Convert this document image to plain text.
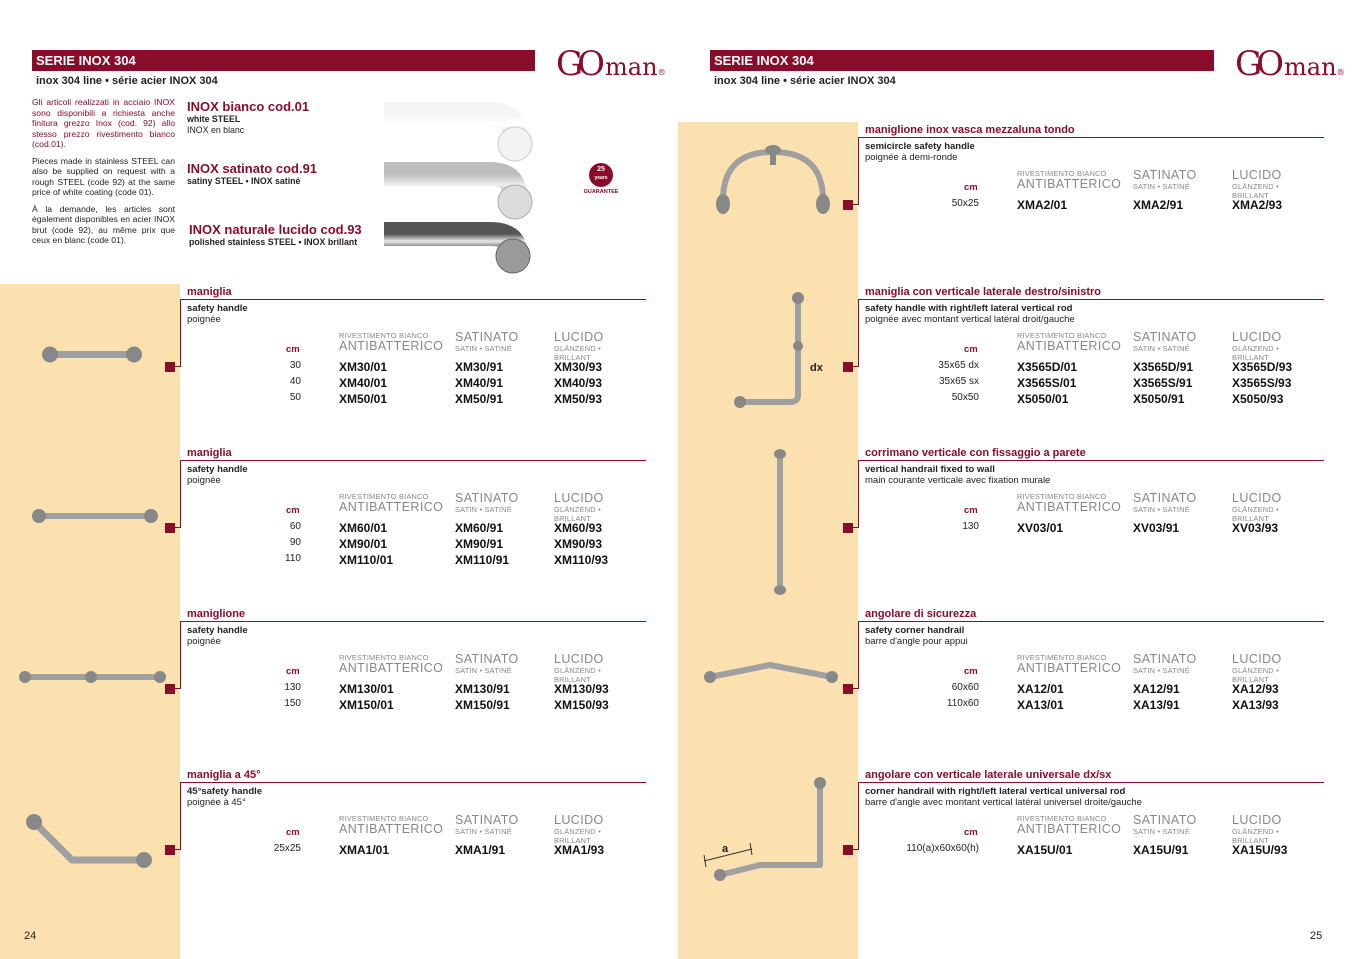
SERIE INOX 304
inox 304 line • série acier INOX 304	GOman®

Gli articoli realizzati in acciaio INOX sono disponibili a richiesta anche finitura grezzo Inox (cod. 92) allo stesso prezzo rivestimento bianco (cod.01).

Pieces made in stainless STEEL can also be supplied on request with a rough STEEL (code 92) at the same price of white coating (code 01).

À la demande, les articles sont également disponibles en acier INOX brut (code 92), au même prix que ceux en blanc (code 01).

INOX bianco cod.01
white STEEL
INOX en blanc
INOX satinato cod.91
satiny STEEL • INOX satiné
INOX naturale lucido cod.93
polished stainless STEEL • INOX brillant
25
years
GUARANTEE
SERIE INOX 304
inox 304 line • série acier INOX 304	GOman®
maniglia
safety handle
poignée
RIVESTIMENTO BIANCO
ANTIBATTERICO
SATINATO
SATIN • SATINÉ
LUCIDO
GLÄNZEND • BRILLANT
cm
30	XM30/01	XM30/91	XM30/93
40	XM40/01	XM40/91	XM40/93
50	XM50/01	XM50/91	XM50/93
maniglia
safety handle
poignée
RIVESTIMENTO BIANCO
ANTIBATTERICO
SATINATO
SATIN • SATINÉ
LUCIDO
GLÄNZEND • BRILLANT
cm
60	XM60/01	XM60/91	XM60/93
90	XM90/01	XM90/91	XM90/93
110	XM110/01	XM110/91	XM110/93
maniglione
safety handle
poignée
RIVESTIMENTO BIANCO
ANTIBATTERICO
SATINATO
SATIN • SATINÉ
LUCIDO
GLÄNZEND • BRILLANT
cm
130	XM130/01	XM130/91	XM130/93
150	XM150/01	XM150/91	XM150/93
maniglia a 45°
45°safety handle
poignée à 45°
RIVESTIMENTO BIANCO
ANTIBATTERICO
SATINATO
SATIN • SATINÉ
LUCIDO
GLÄNZEND • BRILLANT
cm
25x25	XMA1/01	XMA1/91	XMA1/93
dx
a
maniglione inox vasca mezzaluna tondo
semicircle safety handle
poignée à demi-ronde
RIVESTIMENTO BIANCO
ANTIBATTERICO
SATINATO
SATIN • SATINÉ
LUCIDO
GLÄNZEND • BRILLANT
cm
50x25	XMA2/01	XMA2/91	XMA2/93
maniglia con verticale laterale destro/sinistro
safety handle with right/left lateral vertical rod
poignée avec montant vertical latéral droit/gauche
RIVESTIMENTO BIANCO
ANTIBATTERICO
SATINATO
SATIN • SATINÉ
LUCIDO
GLÄNZEND • BRILLANT
cm
35x65 dx	X3565D/01	X3565D/91	X3565D/93
35x65 sx	X3565S/01	X3565S/91	X3565S/93
50x50	X5050/01	X5050/91	X5050/93
corrimano verticale con fissaggio a parete
vertical handrail fixed to wall
main courante verticale avec fixation murale
RIVESTIMENTO BIANCO
ANTIBATTERICO
SATINATO
SATIN • SATINÉ
LUCIDO
GLÄNZEND • BRILLANT
cm
130	XV03/01	XV03/91	XV03/93
angolare di sicurezza
safety corner handrail
barre d'angle pour appui
RIVESTIMENTO BIANCO
ANTIBATTERICO
SATINATO
SATIN • SATINÉ
LUCIDO
GLÄNZEND • BRILLANT
cm
60x60	XA12/01	XA12/91	XA12/93
110x60	XA13/01	XA13/91	XA13/93
angolare con verticale laterale universale dx/sx
corner handrail with right/left lateral vertical universal rod
barre d'angle avec montant vertical latéral universel droite/gauche
RIVESTIMENTO BIANCO
ANTIBATTERICO
SATINATO
SATIN • SATINÉ
LUCIDO
GLÄNZEND • BRILLANT
cm
110(a)x60x60(h)	XA15U/01	XA15U/91	XA15U/93
24	25
